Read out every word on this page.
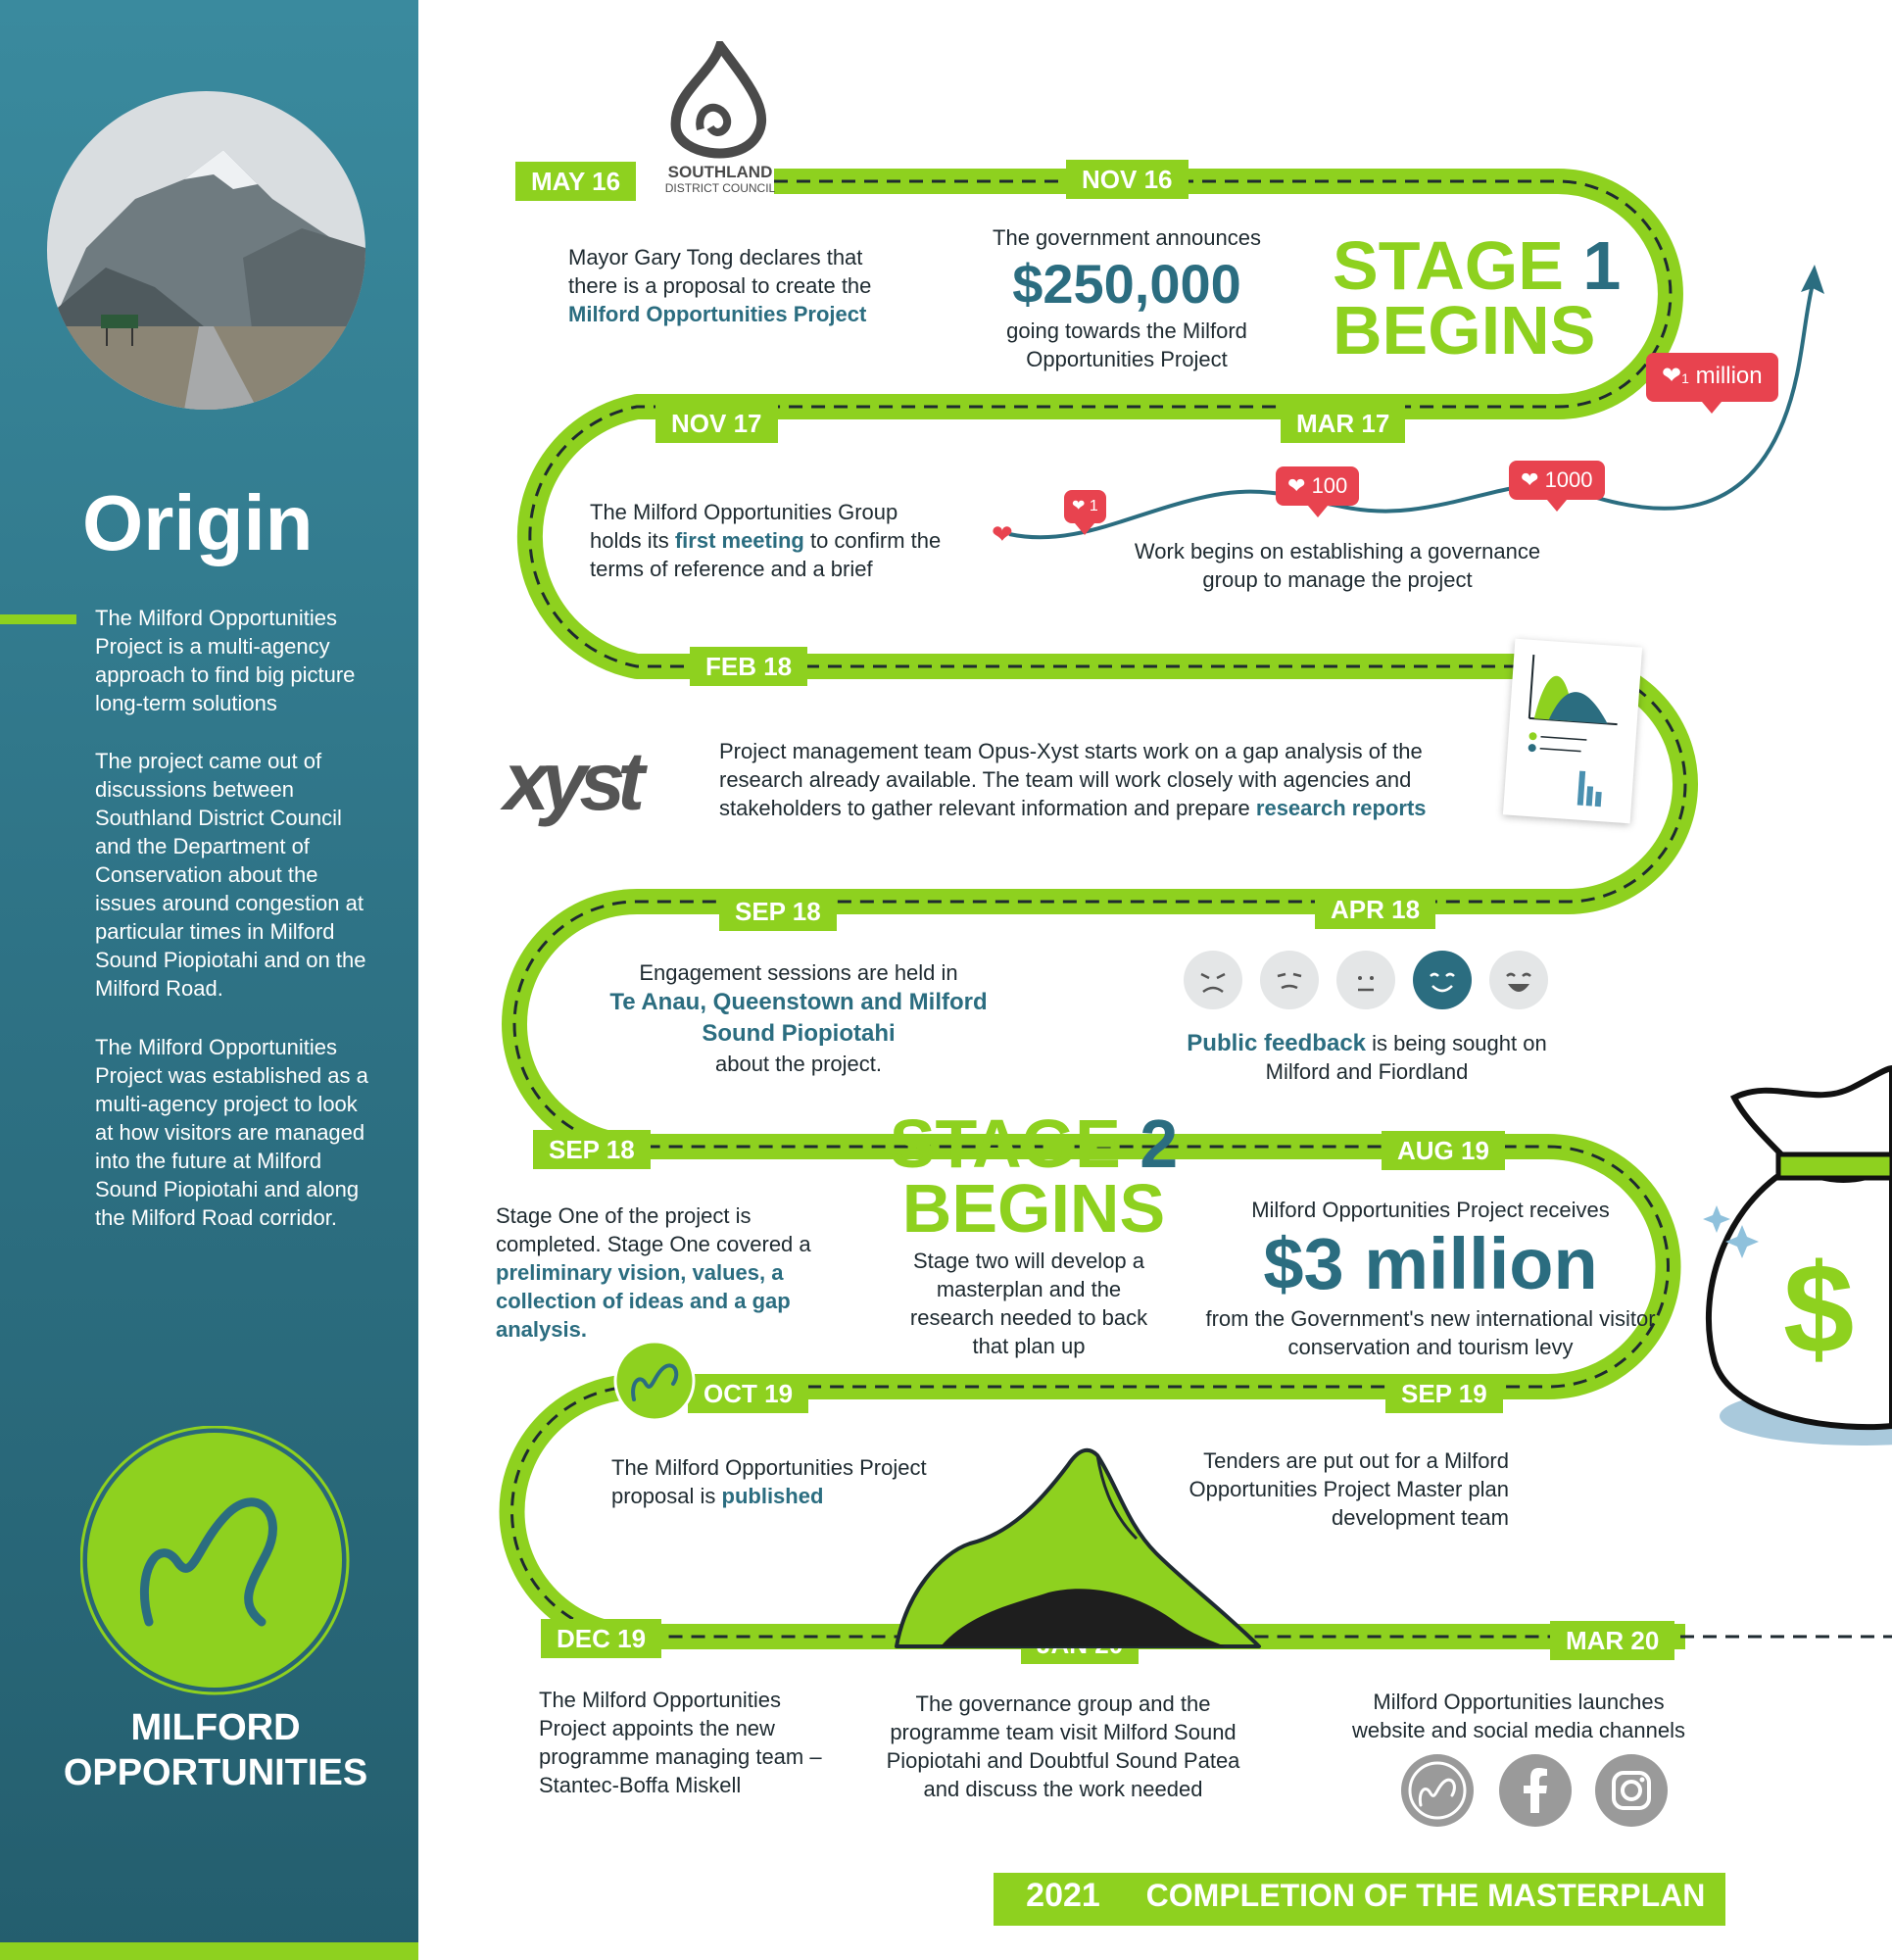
Origin

The Milford Opportunities Project is a multi-agency approach to find big picture long-term solutions

The project came out of discussions between Southland District Council and the Department of Conservation about the issues around congestion at particular times in Milford Sound Piopiotahi and on the Milford Road.

The Milford Opportunities Project was established as a multi-agency project to look at how visitors are managed into the future at Milford Sound Piopiotahi and along the Milford Road corridor.

MILFORD
OPPORTUNITIES
SOUTHLAND
DISTRICT COUNCIL
MAY 16	NOV 16
NOV 17	MAR 17
FEB 18
SEP 18	APR 18
SEP 18	AUG 19
OCT 19	SEP 19
DEC 19	MAR 20

Mayor Gary Tong declares that there is a proposal to create the Milford Opportunities Project

The government announces
$250,000
going towards the Milford Opportunities Project
STAGE 1
BEGINS
❤1 million

The Milford Opportunities Group holds its first meeting to confirm the terms of reference and a brief

❤
❤ 1
❤ 100	❤ 1000

Work begins on establishing a governance group to manage the project

xyst	Project management team Opus-Xyst starts work on a gap analysis of the research already available. The team will work closely with agencies and stakeholders to gather relevant information and prepare research reports

Engagement sessions are held in
Te Anau, Queenstown and Milford Sound Piopiotahi
about the project.

Public feedback is being sought on Milford and Fiordland

Stage One of the project is completed. Stage One covered a preliminary vision, values, a collection of ideas and a gap analysis.

STAGE 2
BEGINS

Stage two will develop a masterplan and the research needed to back that plan up

Milford Opportunities Project receives
$3 million
from the Government's new international visitor conservation and tourism levy	$

The Milford Opportunities Project proposal is published

Tenders are put out for a Milford Opportunities Project Master plan development team

The Milford Opportunities Project appoints the new programme managing team – Stantec-Boffa Miskell

The governance group and the programme team visit Milford Sound Piopiotahi and Doubtful Sound Patea and discuss the work needed

Milford Opportunities launches website and social media channels

2021	COMPLETION OF THE MASTERPLAN
